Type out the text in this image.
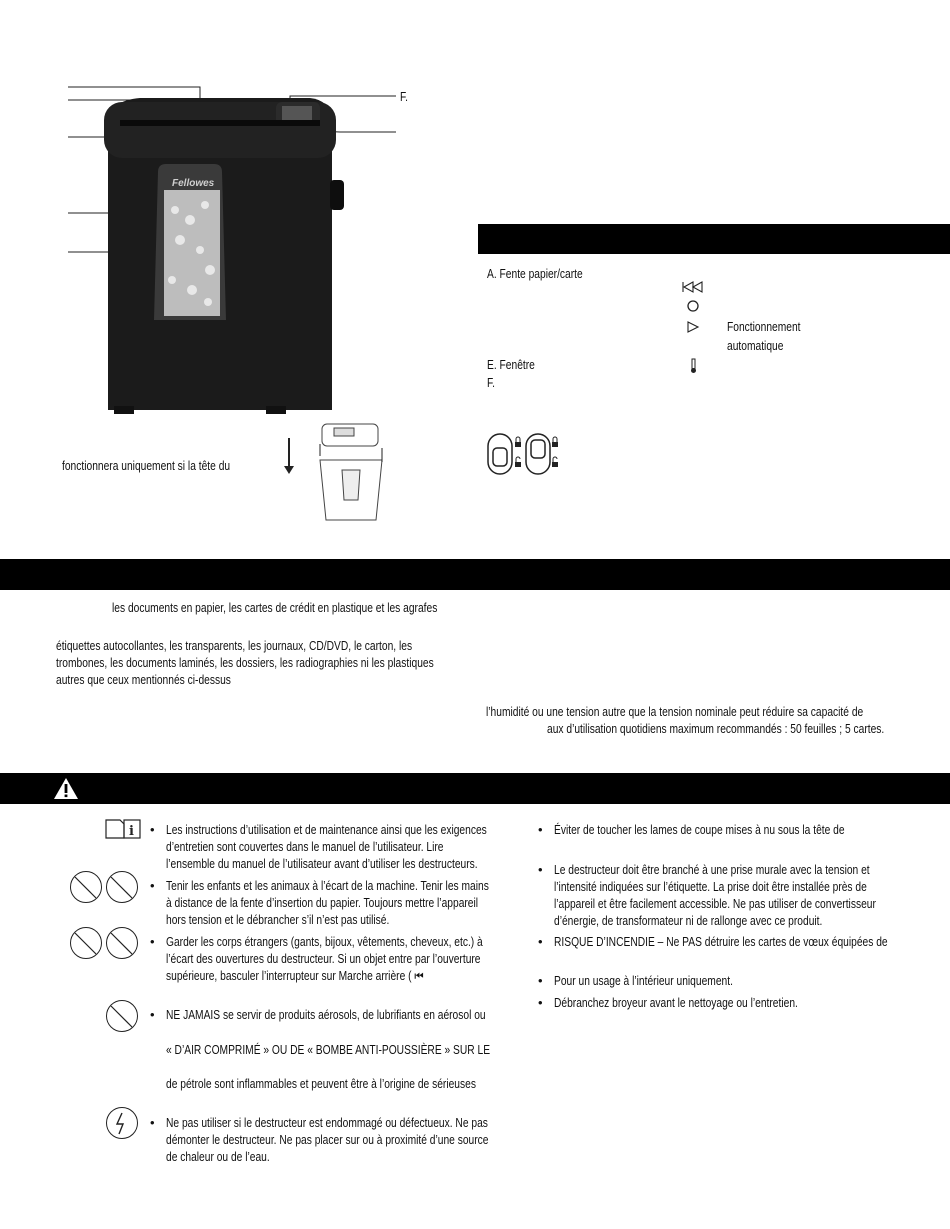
Fellowes
F.
fonctionnera uniquement si la tête du
A. Fente papier/carte
E. Fenêtre
F.
Fonctionnement
automatique
les documents en papier, les cartes de crédit en plastique et les agrafes
étiquettes autocollantes, les transparents, les journaux, CD/DVD, le carton, les
trombones, les documents laminés, les dossiers, les radiographies ni les plastiques
autres que ceux mentionnés ci-dessus
l’humidité ou une tension autre que la tension nominale peut réduire sa capacité de
aux d’utilisation quotidiens maximum recommandés : 50 feuilles ; 5 cartes.
i • Les instructions d’utilisation et de maintenance ainsi que les exigences
d’entretien sont couvertes dans le manuel de l’utilisateur. Lire
l’ensemble du manuel de l’utilisateur avant d’utiliser les destructeurs.
• Tenir les enfants et les animaux à l’écart de la machine. Tenir les mains
à distance de la fente d’insertion du papier. Toujours mettre l’appareil
hors tension et le débrancher s’il n’est pas utilisé.
• Garder les corps étrangers (gants, bijoux, vêtements, cheveux, etc.) à
l’écart des ouvertures du destructeur. Si un objet entre par l’ouverture
supérieure, basculer l’interrupteur sur Marche arrière ( ⏮
• NE JAMAIS se servir de produits aérosols, de lubrifiants en aérosol ou
« D’AIR COMPRIMÉ » OU DE « BOMBE ANTI-POUSSIÈRE » SUR LE
de pétrole sont inflammables et peuvent être à l’origine de sérieuses
• Ne pas utiliser si le destructeur est endommagé ou défectueux. Ne pas
démonter le destructeur. Ne pas placer sur ou à proximité d’une source
de chaleur ou de l’eau.
• Éviter de toucher les lames de coupe mises à nu sous la tête de
• Le destructeur doit être branché à une prise murale avec la tension et
l’intensité indiquées sur l’étiquette. La prise doit être installée près de
l’appareil et être facilement accessible. Ne pas utiliser de convertisseur
d’énergie, de transformateur ni de rallonge avec ce produit.
• RISQUE D’INCENDIE – Ne PAS détruire les cartes de vœux équipées de
• Pour un usage à l’intérieur uniquement.
• Débranchez broyeur avant le nettoyage ou l’entretien.
